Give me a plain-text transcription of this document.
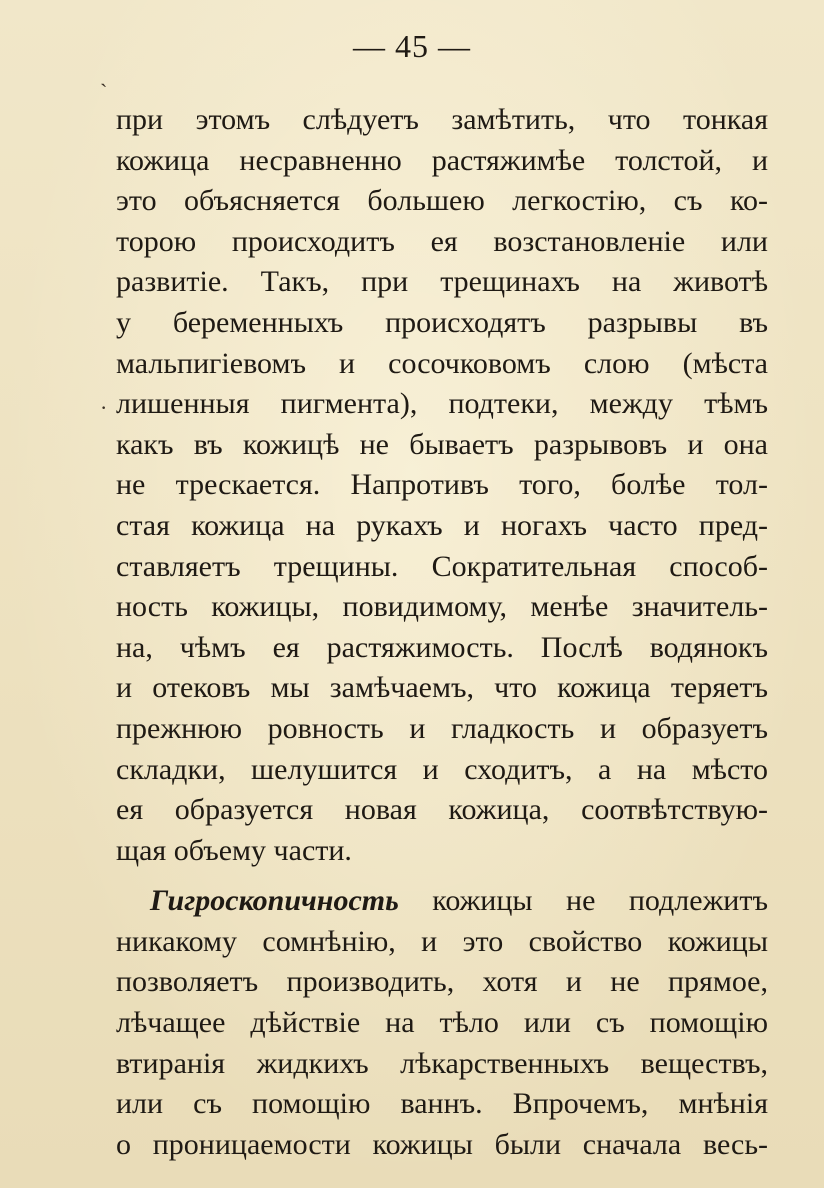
— 45 —

ˎ
·
при этомъ слѣдуетъ замѣтить, что тонкая
кожица несравненно растяжимѣе толстой, и
это объясняется большею легкостію, съ ко-
торою происходитъ ея возстановленіе или
развитіе. Такъ, при трещинахъ на животѣ
у беременныхъ происходятъ разрывы въ
мальпигіевомъ и сосочковомъ слою (мѣста
лишенныя пигмента), подтеки, между тѣмъ
какъ въ кожицѣ не бываетъ разрывовъ и она
не трескается. Напротивъ того, болѣе тол-
стая кожица на рукахъ и ногахъ часто пред-
ставляетъ трещины. Сократительная способ-
ность кожицы, повидимому, менѣе значитель-
на, чѣмъ ея растяжимость. Послѣ водянокъ
и отековъ мы замѣчаемъ, что кожица теряетъ
прежнюю ровность и гладкость и образуетъ
складки, шелушится и сходитъ, а на мѣсто
ея образуется новая кожица, соотвѣтствую-
щая объему части.
Гигроскопичность кожицы не подлежитъ
никакому сомнѣнію, и это свойство кожицы
позволяетъ производить, хотя и не прямое,
лѣчащее дѣйствіе на тѣло или съ помощію
втиранія жидкихъ лѣкарственныхъ веществъ,
или съ помощію ваннъ. Впрочемъ, мнѣнія
о проницаемости кожицы были сначала весь-
